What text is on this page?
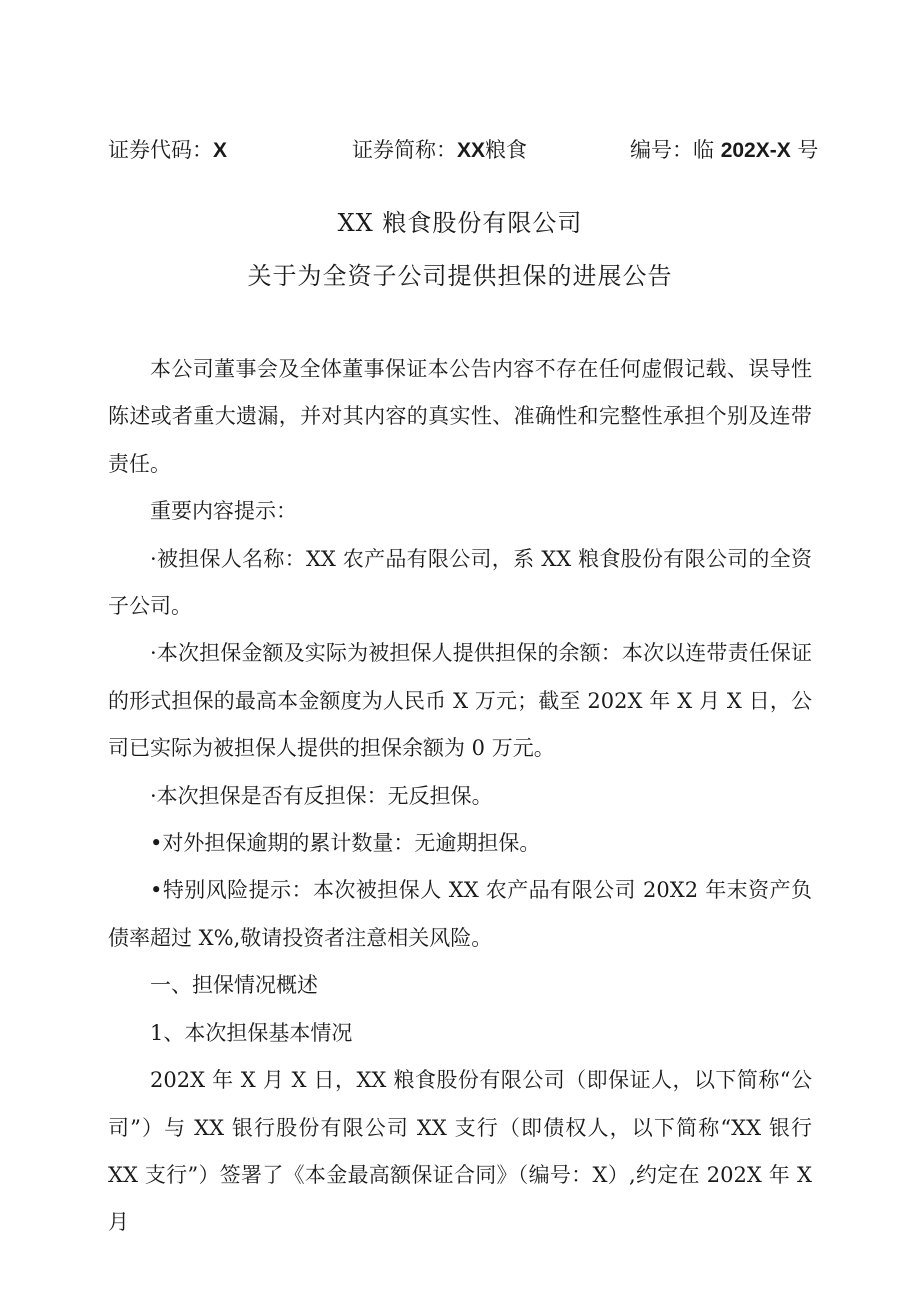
证券代码：X	证券简称：XX粮食	编号：临 202X-X 号
XX 粮食股份有限公司
关于为全资子公司提供担保的进展公告

本公司董事会及全体董事保证本公告内容不存在任何虚假记载、误导性陈述或者重大遗漏，并对其内容的真实性、准确性和完整性承担个别及连带责任。

重要内容提示：

·被担保人名称：XX 农产品有限公司，系 XX 粮食股份有限公司的全资子公司。

·本次担保金额及实际为被担保人提供担保的余额：本次以连带责任保证的形式担保的最高本金额度为人民币 X 万元；截至 202X 年 X 月 X 日，公司已实际为被担保人提供的担保余额为 0 万元。

·本次担保是否有反担保：无反担保。

•对外担保逾期的累计数量：无逾期担保。

•特别风险提示：本次被担保人 XX 农产品有限公司 20X2 年末资产负债率超过 X%,敬请投资者注意相关风险。

一、担保情况概述

1、本次担保基本情况

202X 年 X 月 X 日，XX 粮食股份有限公司（即保证人，以下简称“公司”）与 XX 银行股份有限公司 XX 支行（即债权人，以下简称“XX 银行 XX 支行”）签署了《本金最高额保证合同》（编号：X）,约定在 202X 年 X 月
